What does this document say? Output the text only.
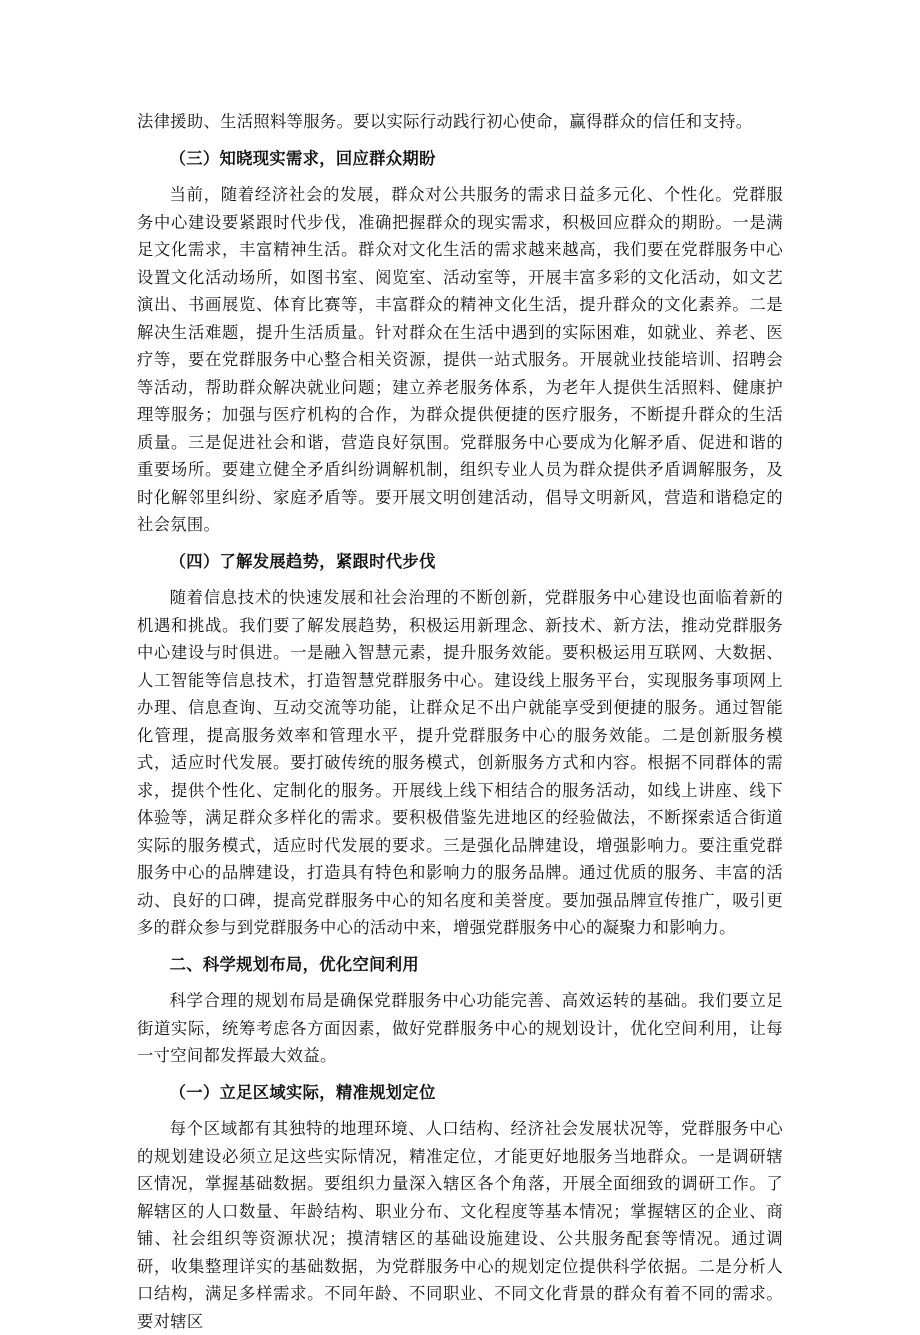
法律援助、生活照料等服务。要以实际行动践行初心使命，赢得群众的信任和支持。

（三）知晓现实需求，回应群众期盼

当前，随着经济社会的发展，群众对公共服务的需求日益多元化、个性化。党群服务中心建设要紧跟时代步伐，准确把握群众的现实需求，积极回应群众的期盼。一是满足文化需求，丰富精神生活。群众对文化生活的需求越来越高，我们要在党群服务中心设置文化活动场所，如图书室、阅览室、活动室等，开展丰富多彩的文化活动，如文艺演出、书画展览、体育比赛等，丰富群众的精神文化生活，提升群众的文化素养。二是解决生活难题，提升生活质量。针对群众在生活中遇到的实际困难，如就业、养老、医疗等，要在党群服务中心整合相关资源，提供一站式服务。开展就业技能培训、招聘会等活动，帮助群众解决就业问题；建立养老服务体系，为老年人提供生活照料、健康护理等服务；加强与医疗机构的合作，为群众提供便捷的医疗服务，不断提升群众的生活质量。三是促进社会和谐，营造良好氛围。党群服务中心要成为化解矛盾、促进和谐的重要场所。要建立健全矛盾纠纷调解机制，组织专业人员为群众提供矛盾调解服务，及时化解邻里纠纷、家庭矛盾等。要开展文明创建活动，倡导文明新风，营造和谐稳定的社会氛围。

（四）了解发展趋势，紧跟时代步伐

随着信息技术的快速发展和社会治理的不断创新，党群服务中心建设也面临着新的机遇和挑战。我们要了解发展趋势，积极运用新理念、新技术、新方法，推动党群服务中心建设与时俱进。一是融入智慧元素，提升服务效能。要积极运用互联网、大数据、人工智能等信息技术，打造智慧党群服务中心。建设线上服务平台，实现服务事项网上办理、信息查询、互动交流等功能，让群众足不出户就能享受到便捷的服务。通过智能化管理，提高服务效率和管理水平，提升党群服务中心的服务效能。二是创新服务模式，适应时代发展。要打破传统的服务模式，创新服务方式和内容。根据不同群体的需求，提供个性化、定制化的服务。开展线上线下相结合的服务活动，如线上讲座、线下体验等，满足群众多样化的需求。要积极借鉴先进地区的经验做法，不断探索适合街道实际的服务模式，适应时代发展的要求。三是强化品牌建设，增强影响力。要注重党群服务中心的品牌建设，打造具有特色和影响力的服务品牌。通过优质的服务、丰富的活动、良好的口碑，提高党群服务中心的知名度和美誉度。要加强品牌宣传推广，吸引更多的群众参与到党群服务中心的活动中来，增强党群服务中心的凝聚力和影响力。

二、科学规划布局，优化空间利用

科学合理的规划布局是确保党群服务中心功能完善、高效运转的基础。我们要立足街道实际，统筹考虑各方面因素，做好党群服务中心的规划设计，优化空间利用，让每一寸空间都发挥最大效益。

（一）立足区域实际，精准规划定位

每个区域都有其独特的地理环境、人口结构、经济社会发展状况等，党群服务中心的规划建设必须立足这些实际情况，精准定位，才能更好地服务当地群众。一是调研辖区情况，掌握基础数据。要组织力量深入辖区各个角落，开展全面细致的调研工作。了解辖区的人口数量、年龄结构、职业分布、文化程度等基本情况；掌握辖区的企业、商铺、社会组织等资源状况；摸清辖区的基础设施建设、公共服务配套等情况。通过调研，收集整理详实的基础数据，为党群服务中心的规划定位提供科学依据。二是分析人口结构，满足多样需求。不同年龄、不同职业、不同文化背景的群众有着不同的需求。要对辖区
